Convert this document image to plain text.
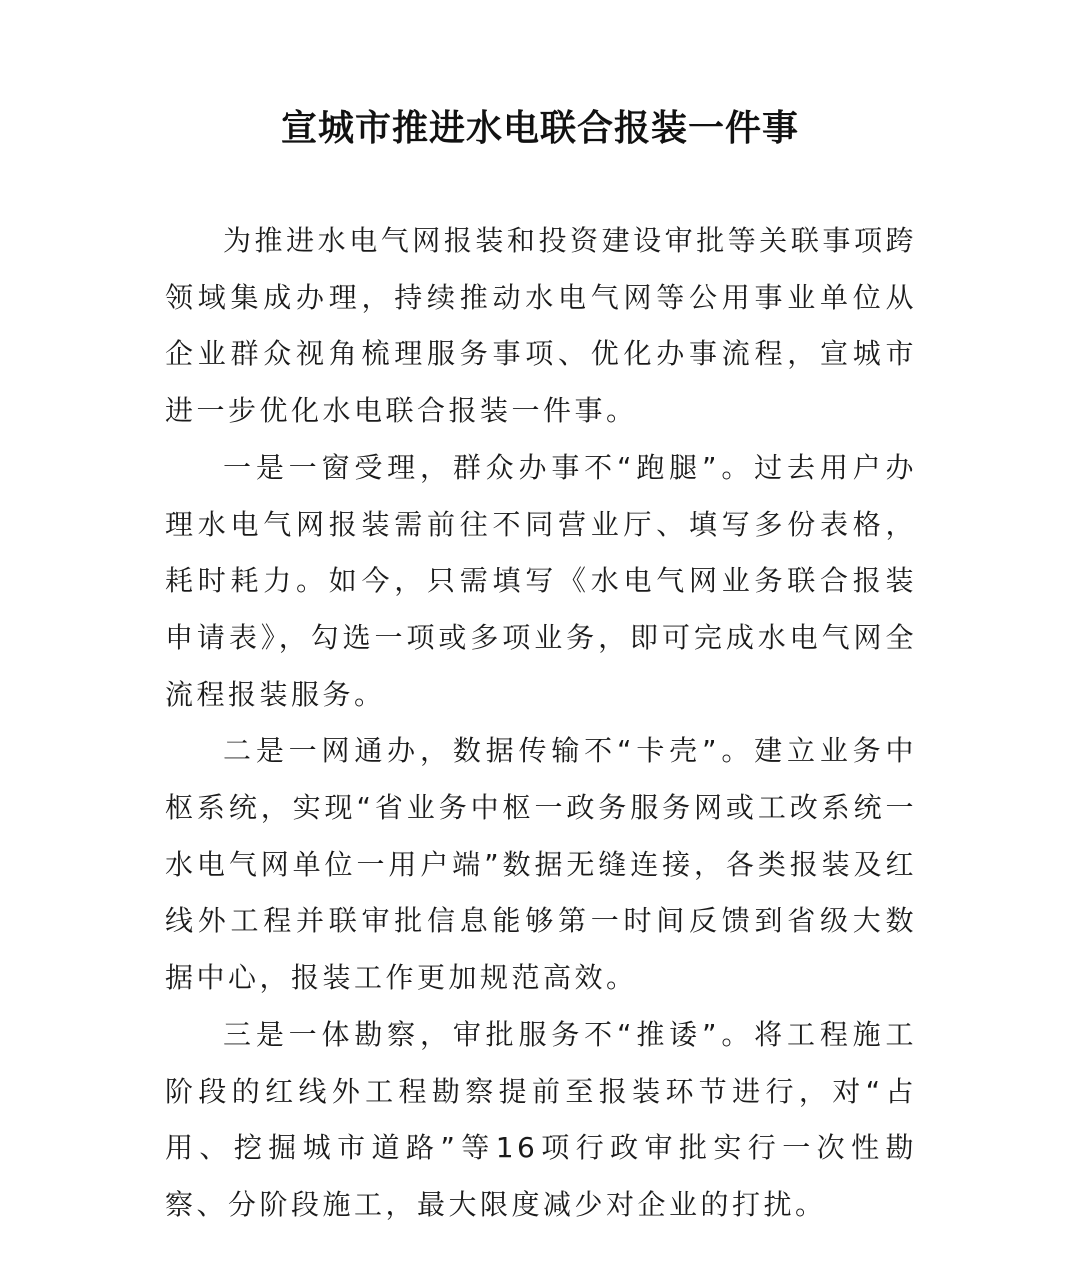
宣城市推进水电联合报装一件事

为推进水电气网报装和投资建设审批等关联事项跨领域集成办理，持续推动水电气网等公用事业单位从企业群众视角梳理服务事项、优化办事流程，宣城市进一步优化水电联合报装一件事。

一是一窗受理，群众办事不“跑腿”。过去用户办理水电气网报装需前往不同营业厅、填写多份表格，耗时耗力。如今，只需填写《水电气网业务联合报装申请表》，勾选一项或多项业务，即可完成水电气网全流程报装服务。

二是一网通办，数据传输不“卡壳”。建立业务中枢系统，实现“省业务中枢一政务服务网或工改系统一水电气网单位一用户端”数据无缝连接，各类报装及红线外工程并联审批信息能够第一时间反馈到省级大数据中心，报装工作更加规范高效。

三是一体勘察，审批服务不“推诿”。将工程施工阶段的红线外工程勘察提前至报装环节进行，对“占用、挖掘城市道路”等16项行政审批实行一次性勘察、分阶段施工，最大限度减少对企业的打扰。
